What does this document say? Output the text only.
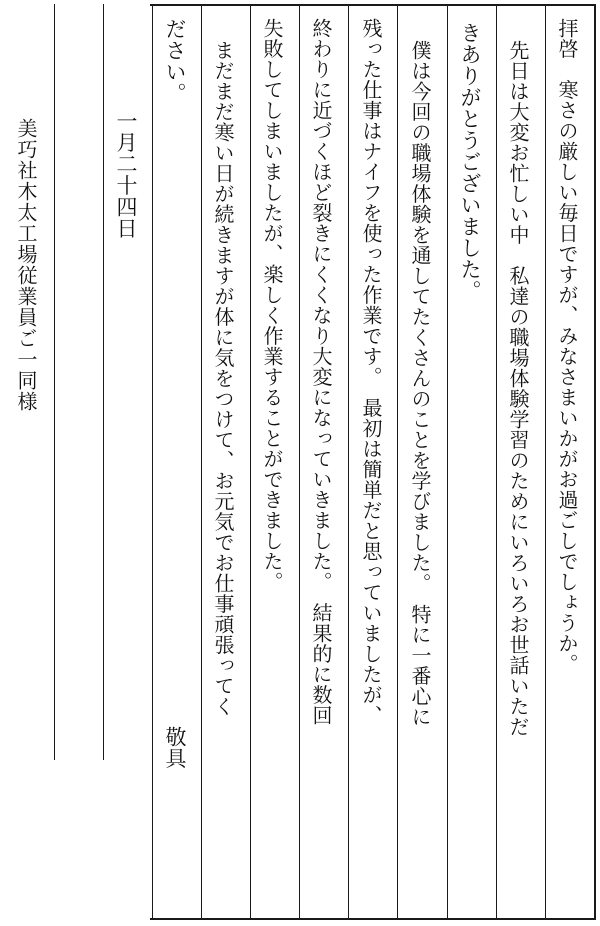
拝啓　寒さの厳しい毎日ですが、みなさまいかがお過ごしでしょうか。
先日は大変お忙しい中　私達の職場体験学習のためにいろいろお世話いただ
きありがとうございました。
僕は今回の職場体験を通してたくさんのことを学びました。　特に一番心に
残った仕事はナイフを使った作業です。　最初は簡単だと思っていましたが、
終わりに近づくほど裂きにくくなり大変になっていきました。　結果的に数回
失敗してしまいましたが、楽しく作業することができました。
まだまだ寒い日が続きますが体に気をつけて、お元気でお仕事頑張ってく
ださい。
敬具
一月二十四日
美巧社木太工場従業員ご一同様
